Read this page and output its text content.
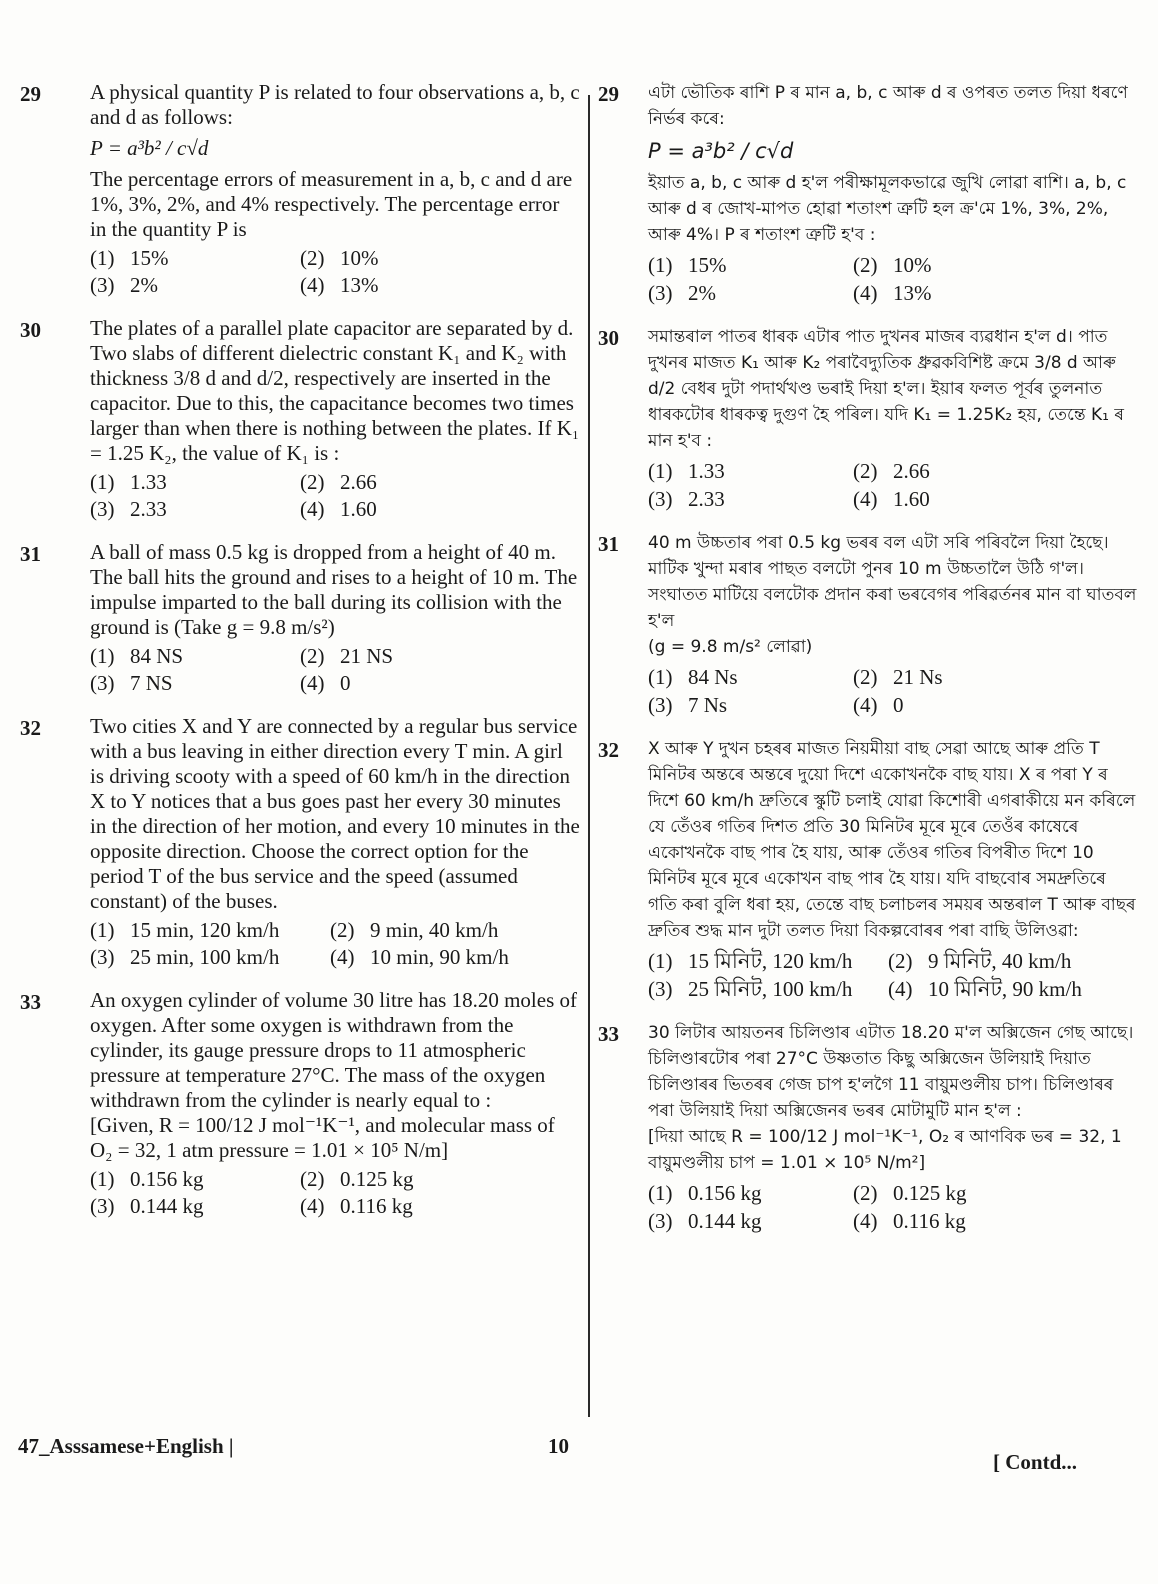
29	A physical quantity P is related to four observations a, b, c and d as follows:
P = a³b² / c√d
The percentage errors of measurement in a, b, c and d are 1%, 3%, 2%, and 4% respectively. The percentage error in the quantity P is
(1) 15%	(2) 10%
(3) 2%	(4) 13%
30	The plates of a parallel plate capacitor are separated by d. Two slabs of different dielectric constant K₁ and K₂ with thickness 3/8 d and d/2, respectively are inserted in the capacitor. Due to this, the capacitance becomes two times larger than when there is nothing between the plates. If K₁ = 1.25 K₂, the value of K₁ is :
(1) 1.33	(2) 2.66
(3) 2.33	(4) 1.60
31	A ball of mass 0.5 kg is dropped from a height of 40 m. The ball hits the ground and rises to a height of 10 m. The impulse imparted to the ball during its collision with the ground is (Take g = 9.8 m/s²)
(1) 84 NS	(2) 21 NS
(3) 7 NS	(4) 0
32	Two cities X and Y are connected by a regular bus service with a bus leaving in either direction every T min. A girl is driving scooty with a speed of 60 km/h in the direction X to Y notices that a bus goes past her every 30 minutes in the direction of her motion, and every 10 minutes in the opposite direction. Choose the correct option for the period T of the bus service and the speed (assumed constant) of the buses.
(1) 15 min, 120 km/h (2) 9 min, 40 km/h
(3) 25 min, 100 km/h (4) 10 min, 90 km/h
33	An oxygen cylinder of volume 30 litre has 18.20 moles of oxygen. After some oxygen is withdrawn from the cylinder, its gauge pressure drops to 11 atmospheric pressure at temperature 27°C. The mass of the oxygen withdrawn from the cylinder is nearly equal to :
[Given, R = 100/12 J mol⁻¹K⁻¹, and molecular mass of O₂ = 32, 1 atm pressure = 1.01 × 10⁵ N/m]
(1) 0.156 kg	(2) 0.125 kg
(3) 0.144 kg	(4) 0.116 kg
29	এটা ভৌতিক ৰাশি P ৰ মান a, b, c আৰু d ৰ ওপৰত তলত দিয়া ধৰণে নিৰ্ভৰ কৰে:
P = a³b² / c√d
ইয়াত a, b, c আৰু d হ'ল পৰীক্ষামূলকভাৱে জুখি লোৱা ৰাশি। a, b, c আৰু d ৰ জোখ-মাপত হোৱা শতাংশ ত্ৰুটি হল ক্ৰ'মে 1%, 3%, 2%, আৰু 4%। P ৰ শতাংশ ত্ৰুটি হ'ব :
(1) 15%	(2) 10%
(3) 2%	(4) 13%
30	সমান্তৰাল পাতৰ ধাৰক এটাৰ পাত দুখনৰ মাজৰ ব্যৱধান হ'ল d। পাত দুখনৰ মাজত K₁ আৰু K₂ পৰাবৈদ্যুতিক ধ্ৰুৱকবিশিষ্ট ক্ৰমে 3/8 d আৰু d/2 বেধৰ দুটা পদাৰ্থখণ্ড ভৰাই দিয়া হ'ল। ইয়াৰ ফলত পূৰ্বৰ তুলনাত ধাৰকটোৰ ধাৰকত্ব দুগুণ হৈ পৰিল। যদি K₁ = 1.25K₂ হয়, তেন্তে K₁ ৰ মান হ'ব :
(1) 1.33	(2) 2.66
(3) 2.33	(4) 1.60
31	40 m উচ্চতাৰ পৰা 0.5 kg ভৰৰ বল এটা সৰি পৰিবলৈ দিয়া হৈছে। মাটিক খুন্দা মৰাৰ পাছত বলটো পুনৰ 10 m উচ্চতালৈ উঠি গ'ল। সংঘাতত মাটিয়ে বলটোক প্ৰদান কৰা ভৰবেগৰ পৰিৱৰ্তনৰ মান বা ঘাতবল হ'ল
(g = 9.8 m/s² লোৱা)
(1) 84 Ns	(2) 21 Ns
(3) 7 Ns	(4) 0
32	X আৰু Y দুখন চহৰৰ মাজত নিয়মীয়া বাছ সেৱা আছে আৰু প্ৰতি T মিনিটৰ অন্তৰে অন্তৰে দুয়ো দিশে একোখনকৈ বাছ যায়। X ৰ পৰা Y ৰ দিশে 60 km/h দ্ৰুতিৰে স্কুটি চলাই যোৱা কিশোৰী এগৰাকীয়ে মন কৰিলে যে তেঁওৰ গতিৰ দিশত প্ৰতি 30 মিনিটৰ মূৰে মূৰে তেওঁৰ কাষেৰে একোখনকৈ বাছ পাৰ হৈ যায়, আৰু তেঁওৰ গতিৰ বিপৰীত দিশে 10 মিনিটৰ মূৰে মূৰে একোখন বাছ পাৰ হৈ যায়। যদি বাছবোৰ সমদ্ৰুতিৰে গতি কৰা বুলি ধৰা হয়, তেন্তে বাছ চলাচলৰ সময়ৰ অন্তৰাল T আৰু বাছৰ দ্ৰুতিৰ শুদ্ধ মান দুটা তলত দিয়া বিকল্পবোৰৰ পৰা বাছি উলিওৱা:
(1) 15 মিনিট, 120 km/h (2) 9 মিনিট, 40 km/h
(3) 25 মিনিট, 100 km/h (4) 10 মিনিট, 90 km/h
33	30 লিটাৰ আয়তনৰ চিলিণ্ডাৰ এটাত 18.20 ম'ল অক্সিজেন গেছ আছে। চিলিণ্ডাৰটোৰ পৰা 27°C উষ্ণতাত কিছু অক্সিজেন উলিয়াই দিয়াত চিলিণ্ডাৰৰ ভিতৰৰ গেজ চাপ হ'লগৈ 11 বায়ুমণ্ডলীয় চাপ। চিলিণ্ডাৰৰ পৰা উলিয়াই দিয়া অক্সিজেনৰ ভৰৰ মোটামুটি মান হ'ল :
[দিয়া আছে R = 100/12 J mol⁻¹K⁻¹, O₂ ৰ আণবিক ভৰ = 32, 1 বায়ুমণ্ডলীয় চাপ = 1.01 × 10⁵ N/m²]
(1) 0.156 kg	(2) 0.125 kg
(3) 0.144 kg	(4) 0.116 kg
47_Asssamese+English |	10
[ Contd...
